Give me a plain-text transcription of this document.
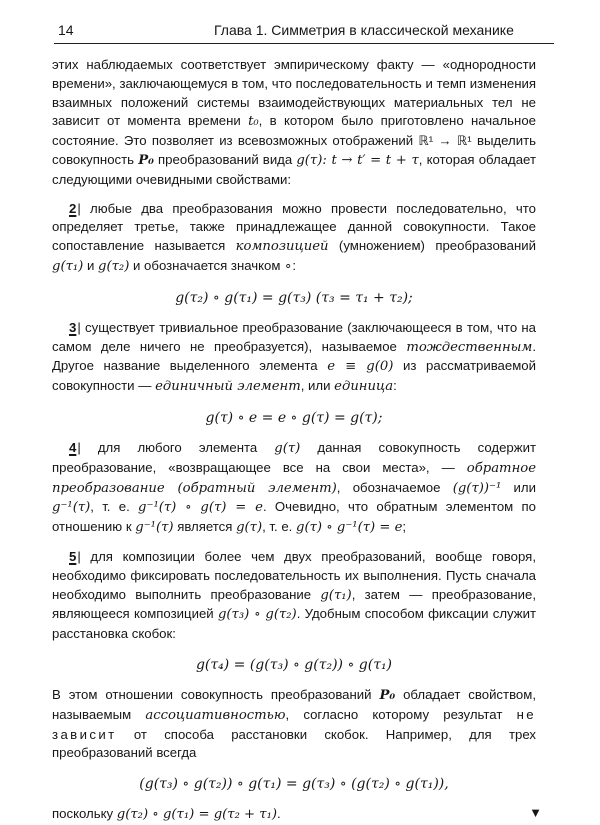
14	Глава 1. Симметрия в классической механике

этих наблюдаемых соответствует эмпирическому факту — «однородности времени», заключающемуся в том, что последовательность и темп изменения взаимных положений системы взаимодействующих материальных тел не зависит от момента времени t₀, в котором было приготовлено начальное состояние. Это позволяет из всевозможных отображений ℝ¹ → ℝ¹ выделить совокупность P₀ преобразований вида g(τ): t → t′ = t + τ, которая обладает следующими очевидными свойствами:

2 | любые два преобразования можно провести последовательно, что определяет третье, также принадлежащее данной совокупности. Такое сопоставление называется композицией (умножением) преобразований g(τ₁) и g(τ₂) и обозначается значком ∘:

g(τ₂) ∘ g(τ₁) = g(τ₃) (τ₃ = τ₁ + τ₂);

3 | существует тривиальное преобразование (заключающееся в том, что на самом деле ничего не преобразуется), называемое тождественным. Другое название выделенного элемента e ≡ g(0) из рассматриваемой совокупности — единичный элемент, или единица:

g(τ) ∘ e = e ∘ g(τ) = g(τ);

4 | для любого элемента g(τ) данная совокупность содержит преобразование, «возвращающее все на свои места», — обратное преобразование (обратный элемент), обозначаемое (g(τ))⁻¹ или g⁻¹(τ), т. е. g⁻¹(τ) ∘ g(τ) = e. Очевидно, что обратным элементом по отношению к g⁻¹(τ) является g(τ), т. е. g(τ) ∘ g⁻¹(τ) = e;

5 | для композиции более чем двух преобразований, вообще говоря, необходимо фиксировать последовательность их выполнения. Пусть сначала необходимо выполнить преобразование g(τ₁), затем — преобразование, являющееся композицией g(τ₃) ∘ g(τ₂). Удобным способом фиксации служит расстановка скобок:

g(τ₄) = (g(τ₃) ∘ g(τ₂)) ∘ g(τ₁)

В этом отношении совокупность преобразований P₀ обладает свойством, называемым ассоциативностью, согласно которому результат не зависит от способа расстановки скобок. Например, для трех преобразований всегда

(g(τ₃) ∘ g(τ₂)) ∘ g(τ₁) = g(τ₃) ∘ (g(τ₂) ∘ g(τ₁)),

поскольку g(τ₂) ∘ g(τ₁) = g(τ₂ + τ₁).	▼
